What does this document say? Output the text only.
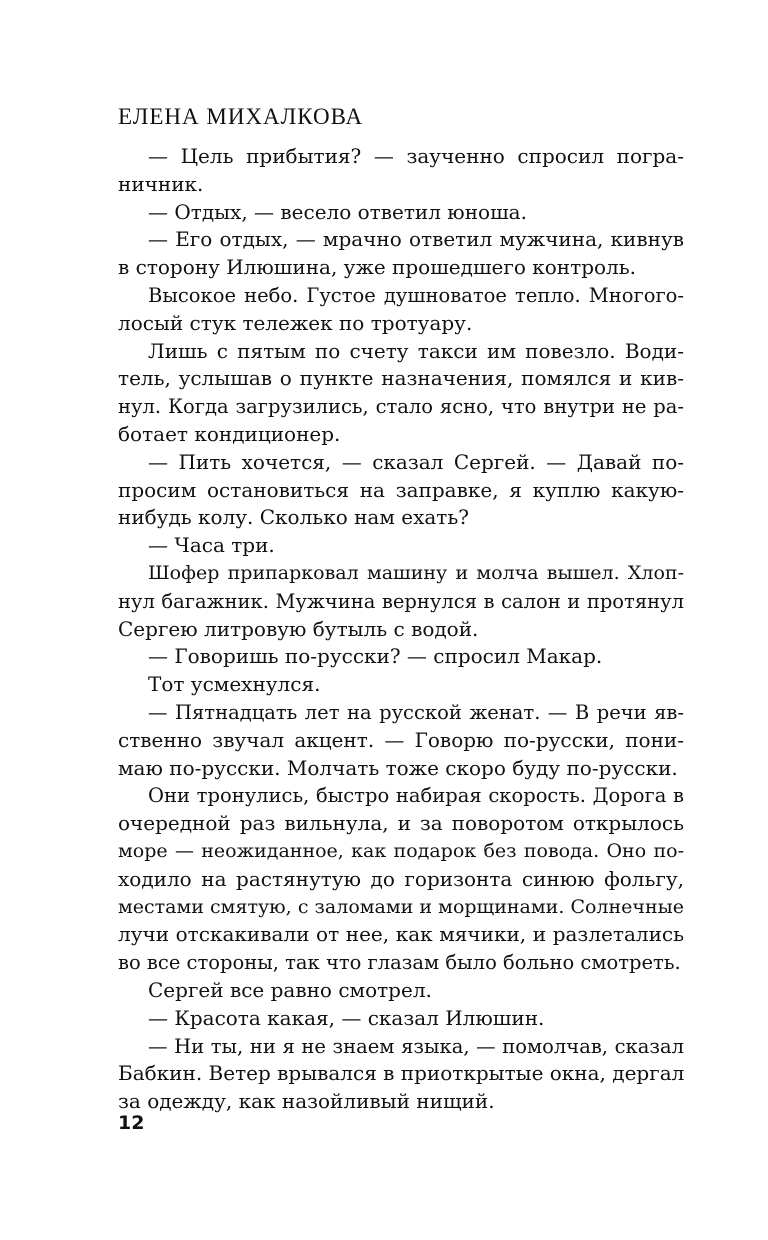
ЕЛЕНА МИХАЛКОВА
— Цель прибытия? — заученно спросил погра-
ничник.
— Отдых, — весело ответил юноша.
— Его отдых, — мрачно ответил мужчина, кивнув
в сторону Илюшина, уже прошедшего контроль.
Высокое небо. Густое душноватое тепло. Многого-
лосый стук тележек по тротуару.
Лишь с пятым по счету такси им повезло. Води-
тель, услышав о пункте назначения, помялся и кив-
нул. Когда загрузились, стало ясно, что внутри не ра-
ботает кондиционер.
— Пить хочется, — сказал Сергей. — Давай по-
просим остановиться на заправке, я куплю какую-
нибудь колу. Сколько нам ехать?
— Часа три.
Шофер припарковал машину и молча вышел. Хлоп-
нул багажник. Мужчина вернулся в салон и протянул
Сергею литровую бутыль с водой.
— Говоришь по-русски? — спросил Макар.
Тот усмехнулся.
— Пятнадцать лет на русской женат. — В речи яв-
ственно звучал акцент. — Говорю по-русски, пони-
маю по-русски. Молчать тоже скоро буду по-русски.
Они тронулись, быстро набирая скорость. Дорога в
очередной раз вильнула, и за поворотом открылось
море — неожиданное, как подарок без повода. Оно по-
ходило на растянутую до горизонта синюю фольгу,
местами смятую, с заломами и морщинами. Солнечные
лучи отскакивали от нее, как мячики, и разлетались
во все стороны, так что глазам было больно смотреть.
Сергей все равно смотрел.
— Красота какая, — сказал Илюшин.
— Ни ты, ни я не знаем языка, — помолчав, сказал
Бабкин. Ветер врывался в приоткрытые окна, дергал
за одежду, как назойливый нищий.
12
